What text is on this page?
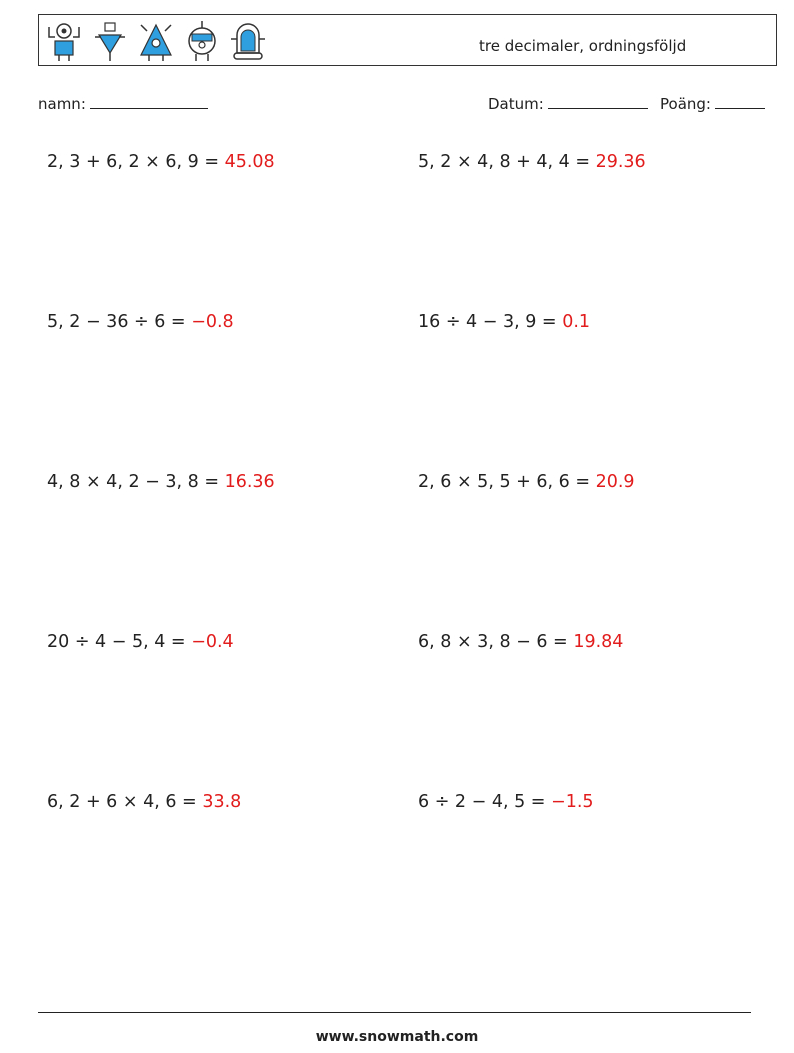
tre decimaler, ordningsföljd
namn:	Datum:	Poäng:
2, 3 + 6, 2 × 6, 9 = 45.08	5, 2 × 4, 8 + 4, 4 = 29.36
5, 2 − 36 ÷ 6 = −0.8	16 ÷ 4 − 3, 9 = 0.1
4, 8 × 4, 2 − 3, 8 = 16.36	2, 6 × 5, 5 + 6, 6 = 20.9
20 ÷ 4 − 5, 4 = −0.4	6, 8 × 3, 8 − 6 = 19.84
6, 2 + 6 × 4, 6 = 33.8	6 ÷ 2 − 4, 5 = −1.5
www.snowmath.com
